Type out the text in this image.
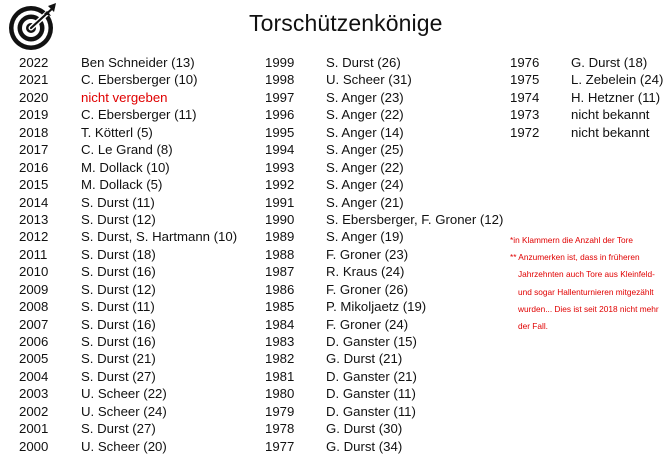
Torschützenkönige
2022 Ben Schneider (13)
2021 C. Ebersberger (10)
2020 nicht vergeben
2019 C. Ebersberger (11)
2018 T. Kötterl (5)
2017 C. Le Grand (8)
2016 M. Dollack (10)
2015 M. Dollack (5)
2014 S. Durst (11)
2013 S. Durst (12)
2012 S. Durst, S. Hartmann (10)
2011	S. Durst (18)
2010 S. Durst (16)
2009 S. Durst (12)
2008 S. Durst (11)
2007 S. Durst (16)
2006 S. Durst (16)
2005 S. Durst (21)
2004 S. Durst (27)
2003 U. Scheer (22)
2002 U. Scheer (24)
2001 S. Durst (27)
2000 U. Scheer (20)
1999 S. Durst (26)
1998 U. Scheer (31)
1997 S. Anger (23)
1996 S. Anger (22)
1995 S. Anger (14)
1994 S. Anger (25)
1993 S. Anger (22)
1992 S. Anger (24)
1991 S. Anger (21)
1990 S. Ebersberger, F. Groner (12)
1989 S. Anger (19)
1988 F. Groner (23)
1987 R. Kraus (24)
1986 F. Groner (26)
1985 P. Mikoljaetz (19)
1984 F. Groner (24)
1983 D. Ganster (15)
1982 G. Durst (21)
1981 D. Ganster (21)
1980 D. Ganster (11)
1979 D. Ganster (11)
1978 G. Durst (30)
1977 G. Durst (34)
1976 G. Durst (18)
1975 L. Zebelein (24)
1974 H. Hetzner (11)
1973 nicht bekannt
1972 nicht bekannt
*in Klammern die Anzahl der Tore
** Anzumerken ist, dass in früheren
Jahrzehnten auch Tore aus Kleinfeld-
und sogar Hallenturnieren mitgezählt
wurden... Dies ist seit 2018 nicht mehr
der Fall.
